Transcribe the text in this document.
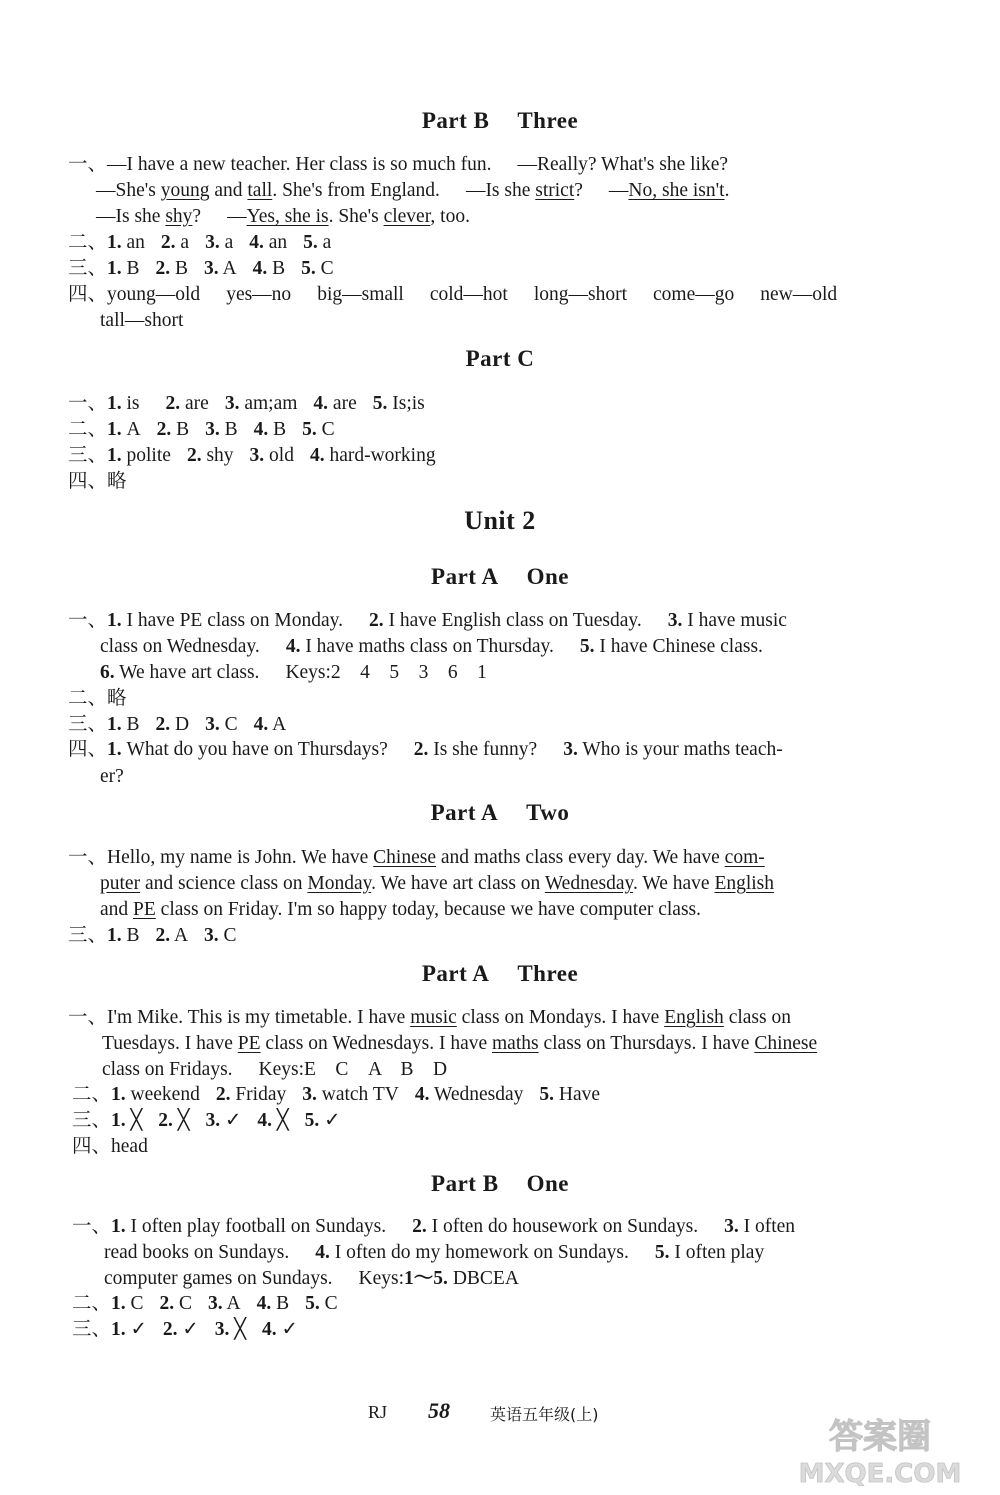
Part B Three
一、—I have a new teacher. Her class is so much fun. —Really? What's she like?
—She's young and tall. She's from England. —Is she strict? —No, she isn't.
—Is she shy? —Yes, she is. She's clever, too.
二、1. an 2. a 3. a 4. an 5. a
三、1. B 2. B 3. A 4. B 5. C
四、young—old yes—no big—small cold—hot long—short come—go new—old
tall—short
Part C
一、1. is 2. are 3. am;am 4. are 5. Is;is
二、1. A 2. B 3. B 4. B 5. C
三、1. polite 2. shy 3. old 4. hard-working
四、略
Unit 2
Part A One
一、1. I have PE class on Monday. 2. I have English class on Tuesday. 3. I have music
class on Wednesday. 4. I have maths class on Thursday. 5. I have Chinese class.
6. We have art class. Keys:2　4　5　3　6　1
二、略
三、1. B 2. D 3. C 4. A
四、1. What do you have on Thursdays? 2. Is she funny? 3. Who is your maths teach-
er?
Part A Two
一、Hello, my name is John. We have Chinese and maths class every day. We have com-
puter and science class on Monday. We have art class on Wednesday. We have English
and PE class on Friday. I'm so happy today, because we have computer class.
三、1. B 2. A 3. C
Part A Three
一、I'm Mike. This is my timetable. I have music class on Mondays. I have English class on
Tuesdays. I have PE class on Wednesdays. I have maths class on Thursdays. I have Chinese
class on Fridays. Keys:E　C　A　B　D
二、1. weekend 2. Friday 3. watch TV 4. Wednesday 5. Have
三、1. ╳ 2. ╳ 3. ✓ 4. ╳ 5. ✓
四、head
Part B One
一、1. I often play football on Sundays. 2. I often do housework on Sundays. 3. I often
read books on Sundays. 4. I often do my homework on Sundays. 5. I often play
computer games on Sundays. Keys:1～5. DBCEA
二、1. C 2. C 3. A 4. B 5. C
三、1. ✓ 2. ✓ 3. ╳ 4. ✓
RJ 58	英语五年级(上)
答案圈
MXQE.COM
